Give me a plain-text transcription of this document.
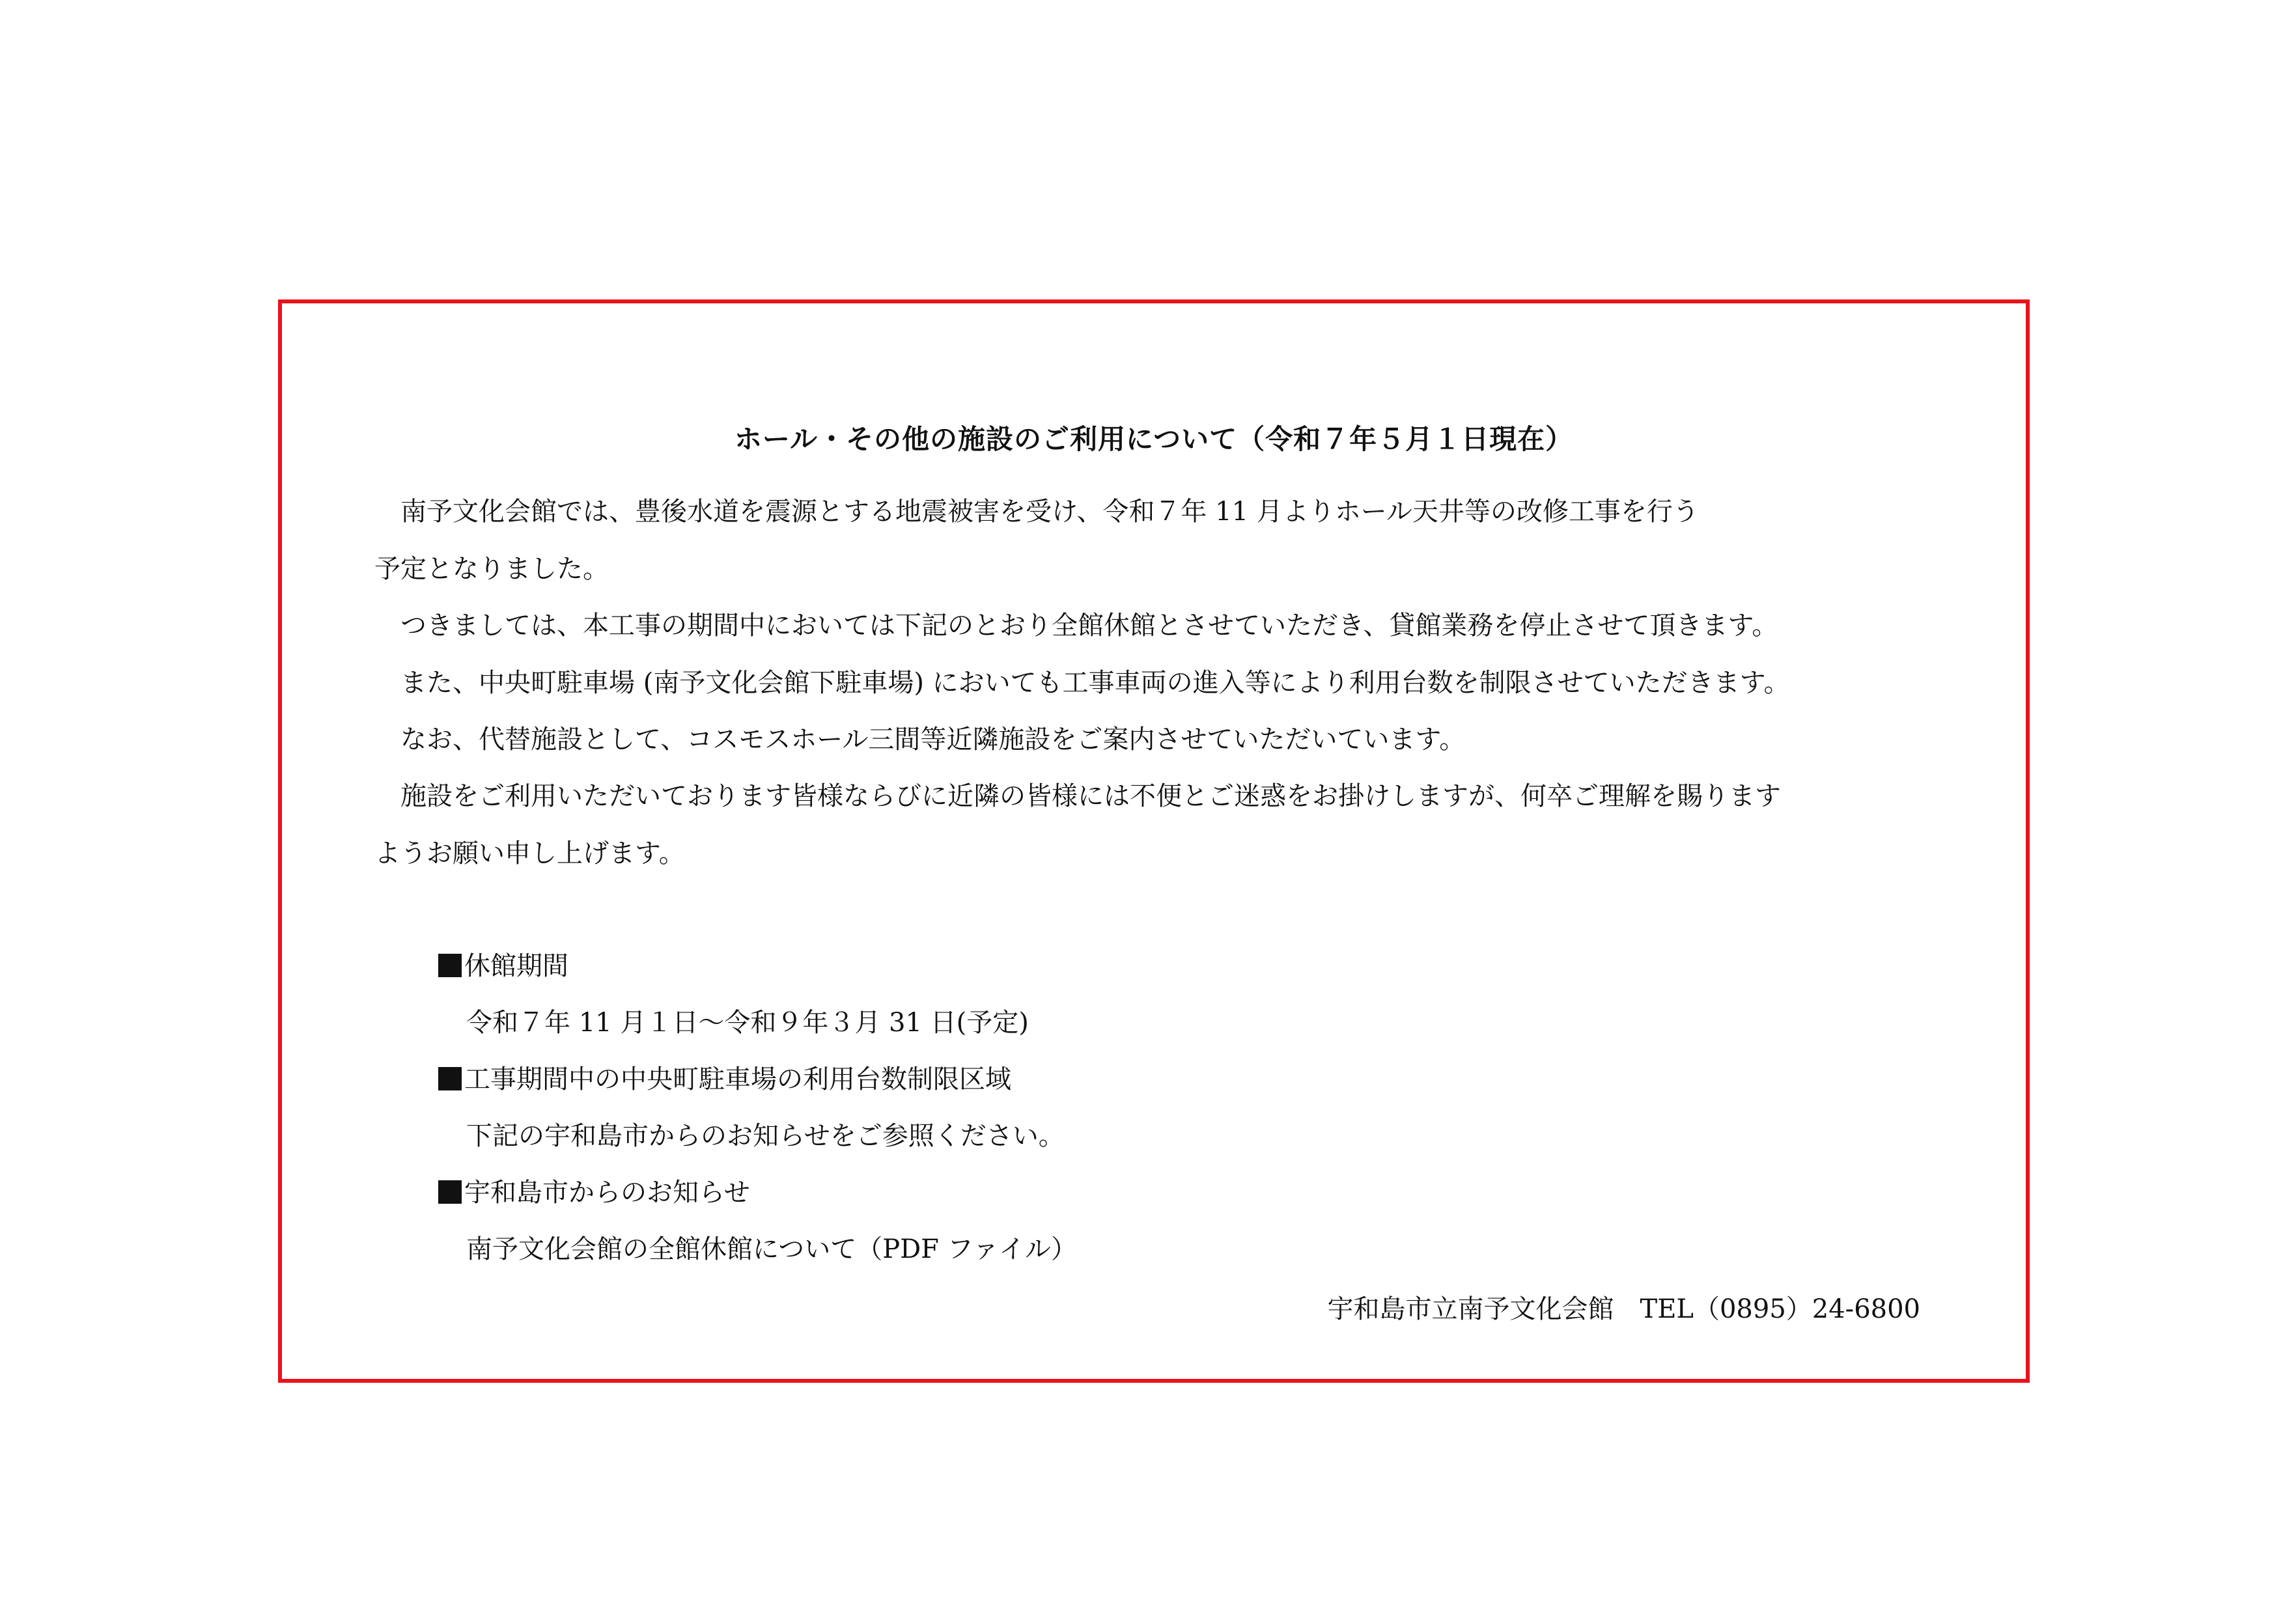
ホール・その他の施設のご利用について（令和７年５月１日現在）
　南予文化会館では、豊後水道を震源とする地震被害を受け、令和７年 11 月よりホール天井等の改修工事を行う
予定となりました。
　つきましては、本工事の期間中においては下記のとおり全館休館とさせていただき、貸館業務を停止させて頂きます。
　また、中央町駐車場 (南予文化会館下駐車場) においても工事車両の進入等により利用台数を制限させていただきます。
　なお、代替施設として、コスモスホール三間等近隣施設をご案内させていただいています。
　施設をご利用いただいております皆様ならびに近隣の皆様には不便とご迷惑をお掛けしますが、何卒ご理解を賜ります
ようお願い申し上げます。
休館期間
令和７年 11 月１日～令和９年３月 31 日(予定)
工事期間中の中央町駐車場の利用台数制限区域
下記の宇和島市からのお知らせをご参照ください。
宇和島市からのお知らせ
南予文化会館の全館休館について（PDF ファイル）
宇和島市立南予文化会館　TEL（0895）24-6800
